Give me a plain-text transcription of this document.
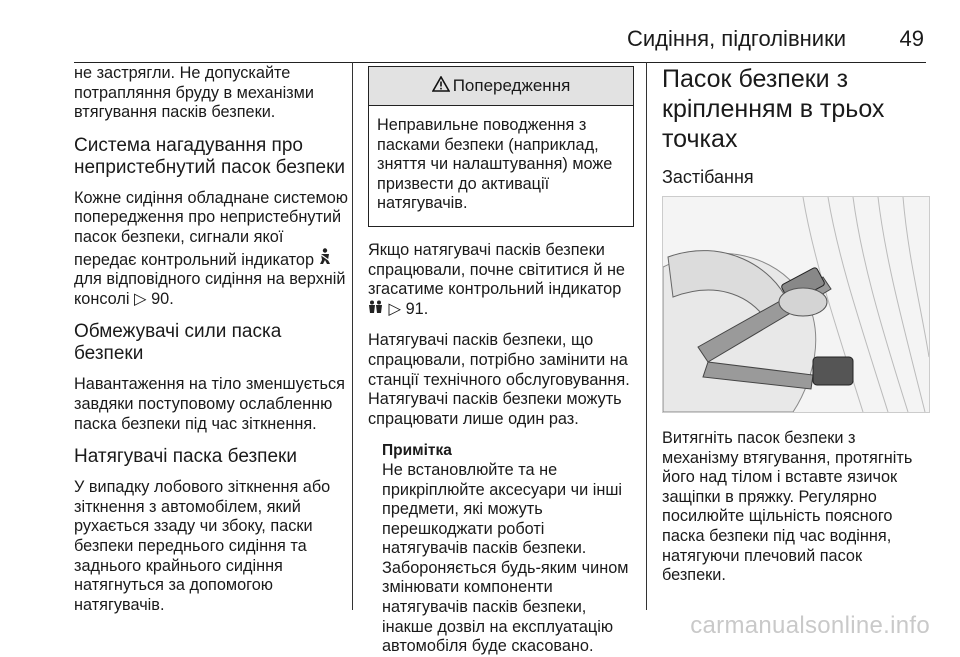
Сидіння, підголівники 49

не застрягли. Не допускайте потрапляння бруду в механізми втягування пасків безпеки.

Система нагадування про непристебнутий пасок безпеки

Кожне сидіння обладнане системою попередження про непристебнутий пасок безпеки, сигнали якої передає контрольний індикатор  для відповідного сидіння на верхній консолі ▷ 90.

Обмежувачі сили паска безпеки

Навантаження на тіло зменшується завдяки поступовому ослабленню паска безпеки під час зіткнення.

Натягувачі паска безпеки

У випадку лобового зіткнення або зіткнення з автомобілем, який рухається ззаду чи збоку, паски безпеки переднього сидіння та заднього крайнього сидіння натягнуться за допомогою натягувачів.

Попередження
Неправильне поводження з пасками безпеки (наприклад, зняття чи налаштування) може призвести до активації натягувачів.

Якщо натягувачі пасків безпеки спрацювали, почне світитися й не згасатиме контрольний індикатор
▷ 91.

Натягувачі пасків безпеки, що спрацювали, потрібно замінити на станції технічного обслуговування. Натягувачі пасків безпеки можуть спрацювати лише один раз.

Примітка
Не встановлюйте та не прикріплюйте аксесуари чи інші предмети, які можуть перешкоджати роботі натягувачів пасків безпеки. Забороняється будь-яким чином змінювати компоненти натягувачів пасків безпеки, інакше дозвіл на експлуатацію автомобіля буде скасовано.
Пасок безпеки з кріпленням в трьох точках
Застібання

Витягніть пасок безпеки з механізму втягування, протягніть його над тілом і вставте язичок защіпки в пряжку. Регулярно посилюйте щільність поясного паска безпеки під час водіння, натягуючи плечовий пасок безпеки.

carmanualsonline.info
